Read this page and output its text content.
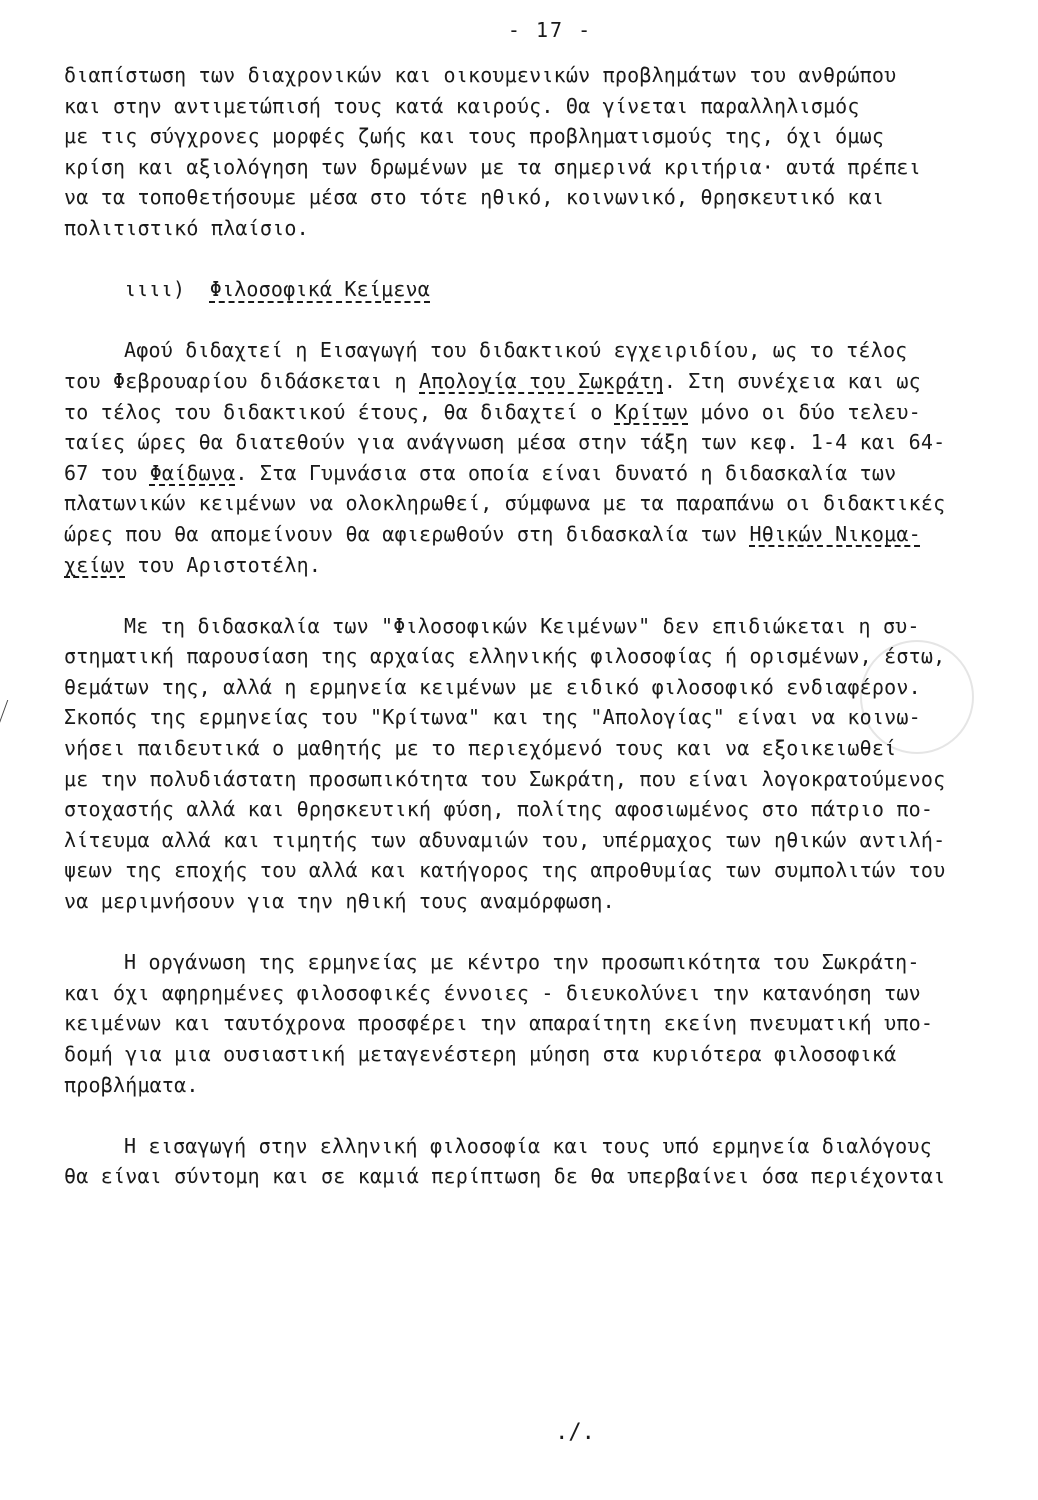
- 17 -
διαπίστωση των διαχρονικών και οικουμενικών προβλημάτων του ανθρώπου
και στην αντιμετώπισή τους κατά καιρούς. Θα γίνεται παραλληλισμός
με τις σύγχρονες μορφές ζωής και τους προβληματισμούς της, όχι όμως
κρίση και αξιολόγηση των δρωμένων με τα σημερινά κριτήρια· αυτά πρέπει
να τα τοποθετήσουμε μέσα στο τότε ηθικό, κοινωνικό, θρησκευτικό και
πολιτιστικό πλαίσιο.
ιιιι) Φιλοσοφικά Κείμενα
Αφού διδαχτεί η Εισαγωγή του διδακτικού εγχειριδίου, ως το τέλος
του Φεβρουαρίου διδάσκεται η Απολογία του Σωκράτη. Στη συνέχεια και ως
το τέλος του διδακτικού έτους, θα διδαχτεί ο Κρίτων μόνο οι δύο τελευ-
ταίες ώρες θα διατεθούν για ανάγνωση μέσα στην τάξη των κεφ. 1-4 και 64-
67 του Φαίδωνα. Στα Γυμνάσια στα οποία είναι δυνατό η διδασκαλία των
πλατωνικών κειμένων να ολοκληρωθεί, σύμφωνα με τα παραπάνω οι διδακτικές
ώρες που θα απομείνουν θα αφιερωθούν στη διδασκαλία των Ηθικών Νικομα-
χείων του Αριστοτέλη.
Με τη διδασκαλία των "Φιλοσοφικών Κειμένων" δεν επιδιώκεται η συ-
στηματική παρουσίαση της αρχαίας ελληνικής φιλοσοφίας ή ορισμένων, έστω,
θεμάτων της, αλλά η ερμηνεία κειμένων με ειδικό φιλοσοφικό ενδιαφέρον.
Σκοπός της ερμηνείας του "Κρίτωνα" και της "Απολογίας" είναι να κοινω-
νήσει παιδευτικά ο μαθητής με το περιεχόμενό τους και να εξοικειωθεί
με την πολυδιάστατη προσωπικότητα του Σωκράτη, που είναι λογοκρατούμενος
στοχαστής αλλά και θρησκευτική φύση, πολίτης αφοσιωμένος στο πάτριο πο-
λίτευμα αλλά και τιμητής των αδυναμιών του, υπέρμαχος των ηθικών αντιλή-
ψεων της εποχής του αλλά και κατήγορος της απροθυμίας των συμπολιτών του
να μεριμνήσουν για την ηθική τους αναμόρφωση.
Η οργάνωση της ερμηνείας με κέντρο την προσωπικότητα του Σωκράτη-
και όχι αφηρημένες φιλοσοφικές έννοιες - διευκολύνει την κατανόηση των
κειμένων και ταυτόχρονα προσφέρει την απαραίτητη εκείνη πνευματική υπο-
δομή για μια ουσιαστική μεταγενέστερη μύηση στα κυριότερα φιλοσοφικά
προβλήματα.
Η εισαγωγή στην ελληνική φιλοσοφία και τους υπό ερμηνεία διαλόγους
θα είναι σύντομη και σε καμιά περίπτωση δε θα υπερβαίνει όσα περιέχονται
./.
